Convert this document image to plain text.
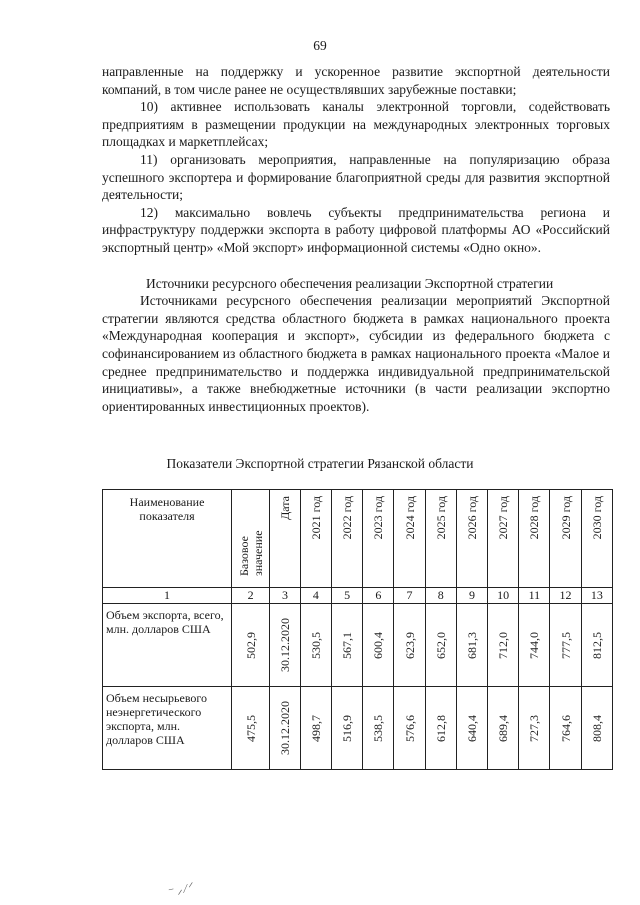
69

направленные на поддержку и ускоренное развитие экспортной деятельности компаний, в том числе ранее не осуществлявших зарубежные поставки;

10) активнее использовать каналы электронной торговли, содействовать предприятиям в размещении продукции на международных электронных торговых площадках и маркетплейсах;

11) организовать мероприятия, направленные на популяризацию образа успешного экспортера и формирование благоприятной среды для развития экспортной деятельности;

12) максимально вовлечь субъекты предпринимательства региона и инфраструктуру поддержки экспорта в работу цифровой платформы АО «Российский экспортный центр» «Мой экспорт» информационной системы «Одно окно».

Источники ресурсного обеспечения реализации Экспортной стратегии

Источниками ресурсного обеспечения реализации мероприятий Экспортной стратегии являются средства областного бюджета в рамках национального проекта «Международная кооперация и экспорт», субсидии из федерального бюджета с софинансированием из областного бюджета в рамках национального проекта «Малое и среднее предпринимательство и поддержка индивидуальной предпринимательской инициативы», а также внебюджетные источники (в части реализации экспортно ориентированных инвестиционных проектов).

Показатели Экспортной стратегии Рязанской области
Наименование показателя	Базовое значение	Дата	2021 год	2022 год	2023 год	2024 год	2025 год	2026 год	2027 год	2028 год	2029 год	2030 год

1	2	3	4	5	6	7	8	9	10	11	12	13
Объем экспорта, всего, млн. долларов США	502,9	30.12.2020	530,5	567,1	600,4	623,9	652,0	681,3	712,0	744,0	777,5	812,5

Объем несырьевого неэнергетического экспорта, млн. долларов США	475,5	30.12.2020	498,7	516,9	538,5	576,6	612,8	640,4	689,4	727,3	764,6	808,4
⁻⸝⁄⸍
